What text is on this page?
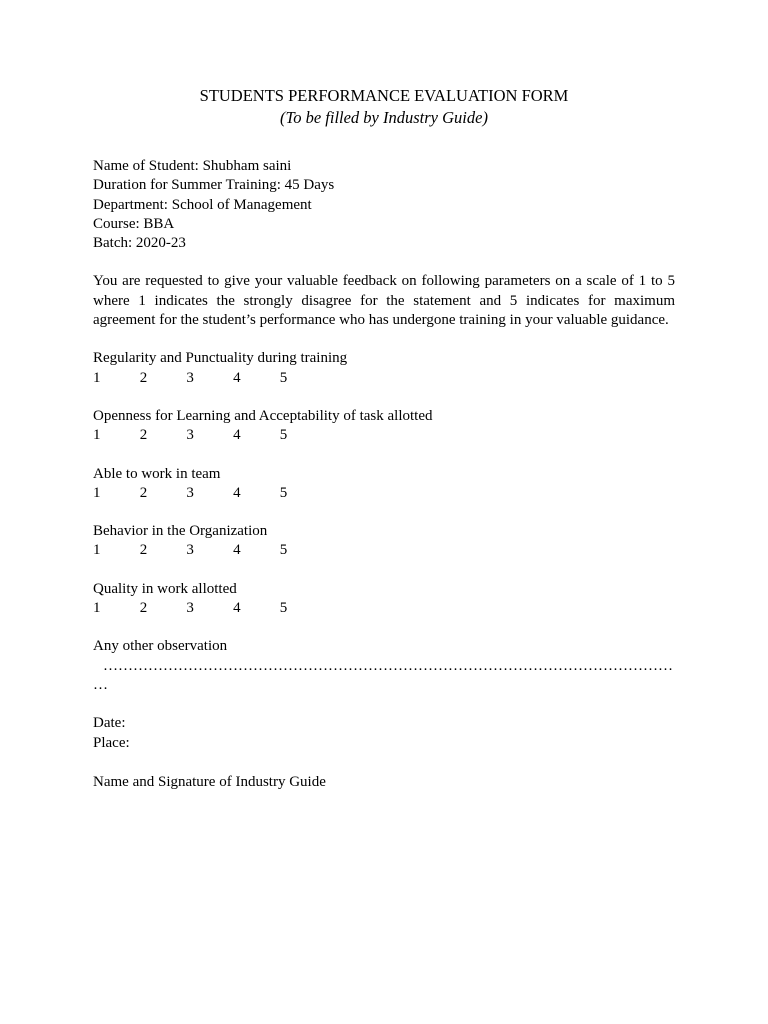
STUDENTS PERFORMANCE EVALUATION FORM

(To be filled by Industry Guide)

Name of Student: Shubham saini

Duration for Summer Training: 45 Days

Department: School of Management

Course: BBA

Batch: 2020-23

You are requested to give your valuable feedback on following parameters on a scale of 1 to 5 where 1 indicates the strongly disagree for the statement and 5 indicates for maximum agreement for the student’s performance who has undergone training in your valuable guidance.

Regularity and Punctuality during training

1	2	3	4	5

Openness for Learning and Acceptability of task allotted

1	2	3	4	5

Able to work in team

1	2	3	4	5

Behavior in the Organization

1	2	3	4	5

Quality in work allotted

1	2	3	4	5

Any other observation

……………………………………………………………………………………………………

…

Date:

Place:

Name and Signature of Industry Guide
